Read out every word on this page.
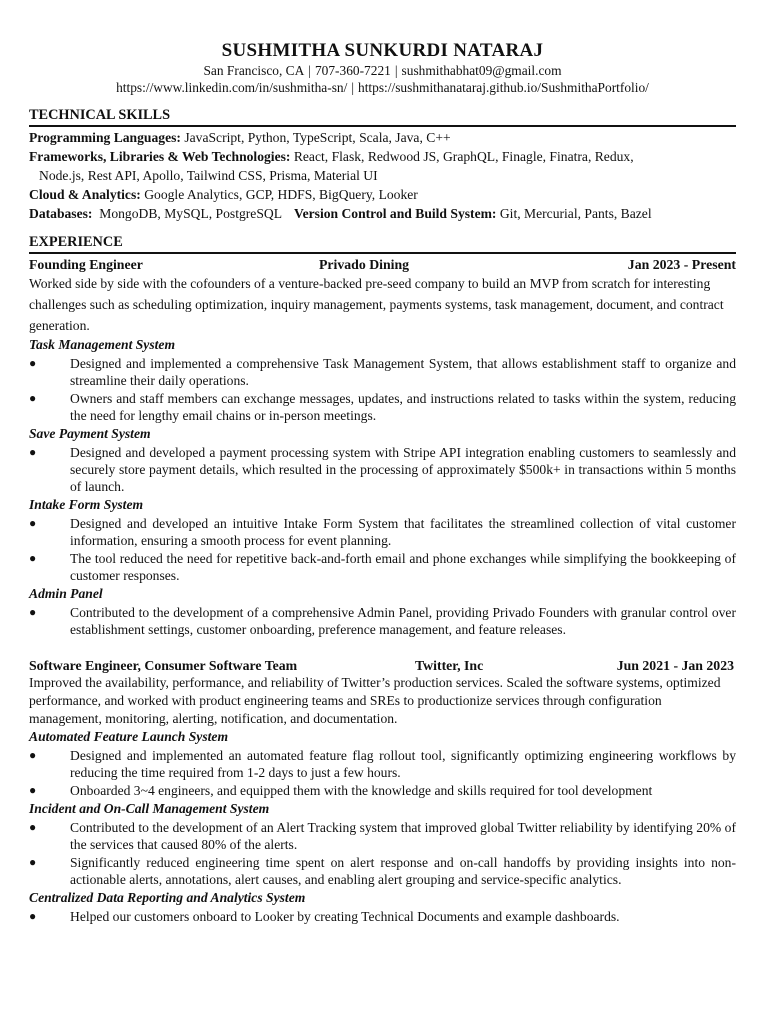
SUSHMITHA SUNKURDI NATARAJ
San Francisco, CA | 707-360-7221 | sushmithabhat09@gmail.com
https://www.linkedin.com/in/sushmitha-sn/ | https://sushmithanataraj.github.io/SushmithaPortfolio/
TECHNICAL SKILLS
Programming Languages: JavaScript, Python, TypeScript, Scala, Java, C++
Frameworks, Libraries & Web Technologies: React, Flask, Redwood JS, GraphQL, Finagle, Finatra, Redux,
Node.js, Rest API, Apollo, Tailwind CSS, Prisma, Material UI
Cloud & Analytics: Google Analytics, GCP, HDFS, BigQuery, Looker
Databases: MongoDB, MySQL, PostgreSQL Version Control and Build System: Git, Mercurial, Pants, Bazel
EXPERIENCE
Founding Engineer	Privado Dining	Jan 2023 - Present
Worked side by side with the cofounders of a venture-backed pre-seed company to build an MVP from scratch for interesting challenges such as scheduling optimization, inquiry management, payments systems, task management, document, and contract generation.
Task Management System
● Designed and implemented a comprehensive Task Management System, that allows establishment staff to organize and streamline their daily operations.
● Owners and staff members can exchange messages, updates, and instructions related to tasks within the system, reducing the need for lengthy email chains or in-person meetings.
Save Payment System
● Designed and developed a payment processing system with Stripe API integration enabling customers to seamlessly and securely store payment details, which resulted in the processing of approximately $500k+ in transactions within 5 months of launch.
Intake Form System
● Designed and developed an intuitive Intake Form System that facilitates the streamlined collection of vital customer information, ensuring a smooth process for event planning.
● The tool reduced the need for repetitive back-and-forth email and phone exchanges while simplifying the bookkeeping of customer responses.
Admin Panel
● Contributed to the development of a comprehensive Admin Panel, providing Privado Founders with granular control over establishment settings, customer onboarding, preference management, and feature releases.
Software Engineer, Consumer Software Team	Twitter, Inc	Jun 2021 - Jan 2023
Improved the availability, performance, and reliability of Twitter’s production services. Scaled the software systems, optimized performance, and worked with product engineering teams and SREs to productionize services through configuration management, monitoring, alerting, notification, and documentation.
Automated Feature Launch System
● Designed and implemented an automated feature flag rollout tool, significantly optimizing engineering workflows by reducing the time required from 1-2 days to just a few hours.
● Onboarded 3~4 engineers, and equipped them with the knowledge and skills required for tool development
Incident and On-Call Management System
● Contributed to the development of an Alert Tracking system that improved global Twitter reliability by identifying 20% of the services that caused 80% of the alerts.
● Significantly reduced engineering time spent on alert response and on-call handoffs by providing insights into non-actionable alerts, annotations, alert causes, and enabling alert grouping and service-specific analytics.
Centralized Data Reporting and Analytics System
● Helped our customers onboard to Looker by creating Technical Documents and example dashboards.
